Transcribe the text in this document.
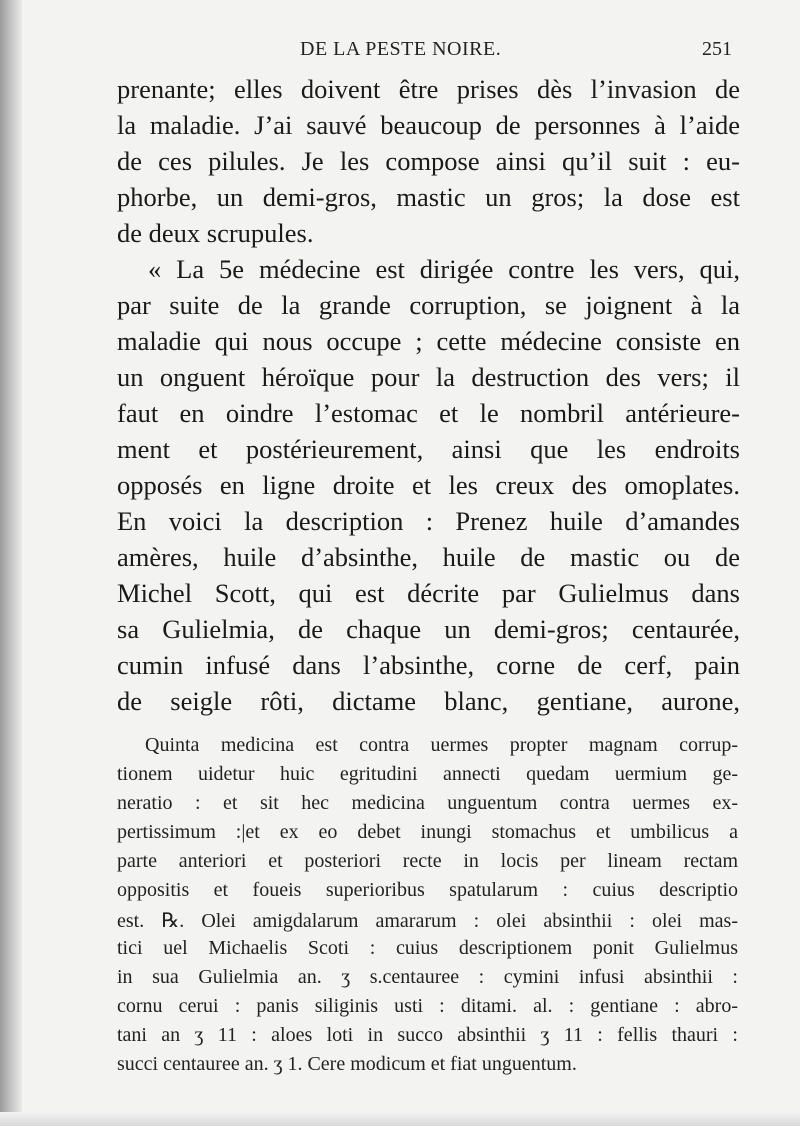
DE LA PESTE NOIRE.	251
prenante; elles doivent être prises dès l’invasion de
la maladie. J’ai sauvé beaucoup de personnes à l’aide
de ces pilules. Je les compose ainsi qu’il suit : eu-
phorbe, un demi-gros, mastic un gros; la dose est
de deux scrupules.
« La 5e médecine est dirigée contre les vers, qui,
par suite de la grande corruption, se joignent à la
maladie qui nous occupe ; cette médecine consiste en
un onguent héroïque pour la destruction des vers; il
faut en oindre l’estomac et le nombril antérieure-
ment et postérieurement, ainsi que les endroits
opposés en ligne droite et les creux des omoplates.
En voici la description : Prenez huile d’amandes
amères, huile d’absinthe, huile de mastic ou de
Michel Scott, qui est décrite par Gulielmus dans
sa Gulielmia, de chaque un demi-gros; centaurée,
cumin infusé dans l’absinthe, corne de cerf, pain
de seigle rôti, dictame blanc, gentiane, aurone,
Quinta medicina est contra uermes propter magnam corrup-
tionem uidetur huic egritudini annecti quedam uermium ge-
neratio : et sit hec medicina unguentum contra uermes ex-
pertissimum :|et ex eo debet inungi stomachus et umbilicus a
parte anteriori et posteriori recte in locis per lineam rectam
oppositis et foueis superioribus spatularum : cuius descriptio
est. ℞. Olei amigdalarum amararum : olei absinthii : olei mas-
tici uel Michaelis Scoti : cuius descriptionem ponit Gulielmus
in sua Gulielmia an. ʒ s.centauree : cymini infusi absinthii :
cornu cerui : panis siliginis usti : ditami. al. : gentiane : abro-
tani an ʒ 11 : aloes loti in succo absinthii ʒ 11 : fellis thauri :
succi centauree an. ʒ 1. Cere modicum et fiat unguentum.
